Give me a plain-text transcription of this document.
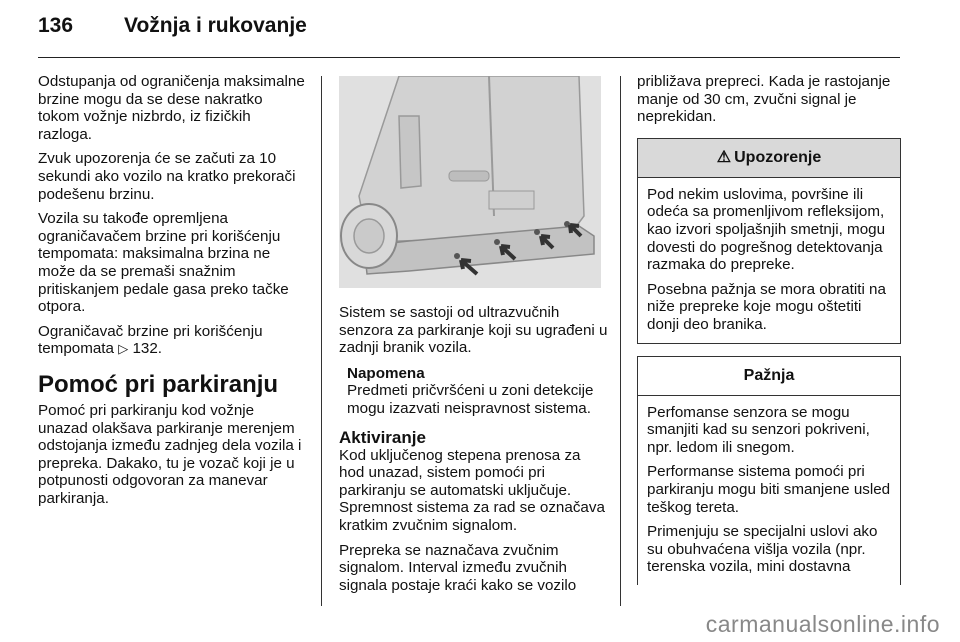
136 Vožnja i rukovanje

Odstupanja od ograničenja maksimalne brzine mogu da se dese nakratko tokom vožnje nizbrdo, iz fizičkih razloga.

Zvuk upozorenja će se začuti za 10 sekundi ako vozilo na kratko prekorači podešenu brzinu.

Vozila su takođe opremljena ograničavačem brzine pri korišćenju tempomata: maksimalna brzina ne može da se premaši snažnim pritiskanjem pedale gasa preko tačke otpora.

Ograničavač brzine pri korišćenju tempomata ▷ 132.

Pomoć pri parkiranju

Pomoć pri parkiranju kod vožnje unazad olakšava parkiranje merenjem odstojanja između zadnjeg dela vozila i prepreka. Dakako, tu je vozač koji je u potpunosti odgovoran za manevar parkiranja.

Sistem se sastoji od ultrazvučnih senzora za parkiranje koji su ugrađeni u zadnji branik vozila.

Napomena
Predmeti pričvršćeni u zoni detekcije mogu izazvati neispravnost sistema.
Aktiviranje

Kod uključenog stepena prenosa za hod unazad, sistem pomoći pri parkiranju se automatski uključuje. Spremnost sistema za rad se označava kratkim zvučnim signalom.

Prepreka se naznačava zvučnim signalom. Interval između zvučnih signala postaje kraći kako se vozilo

približava prepreci. Kada je rastojanje manje od 30 cm, zvučni signal je neprekidan.

⚠ Upozorenje

Pod nekim uslovima, površine ili odeća sa promenljivom refleksijom, kao izvori spoljašnjih smetnji, mogu dovesti do pogrešnog detektovanja razmaka do prepreke.

Posebna pažnja se mora obratiti na niže prepreke koje mogu oštetiti donji deo branika.

Pažnja

Perfomanse senzora se mogu smanjiti kad su senzori pokriveni, npr. ledom ili snegom.

Performanse sistema pomoći pri parkiranju mogu biti smanjene usled teškog tereta.

Primenjuju se specijalni uslovi ako su obuhvaćena višlja vozila (npr. terenska vozila, mini dostavna

carmanualsonline.info
